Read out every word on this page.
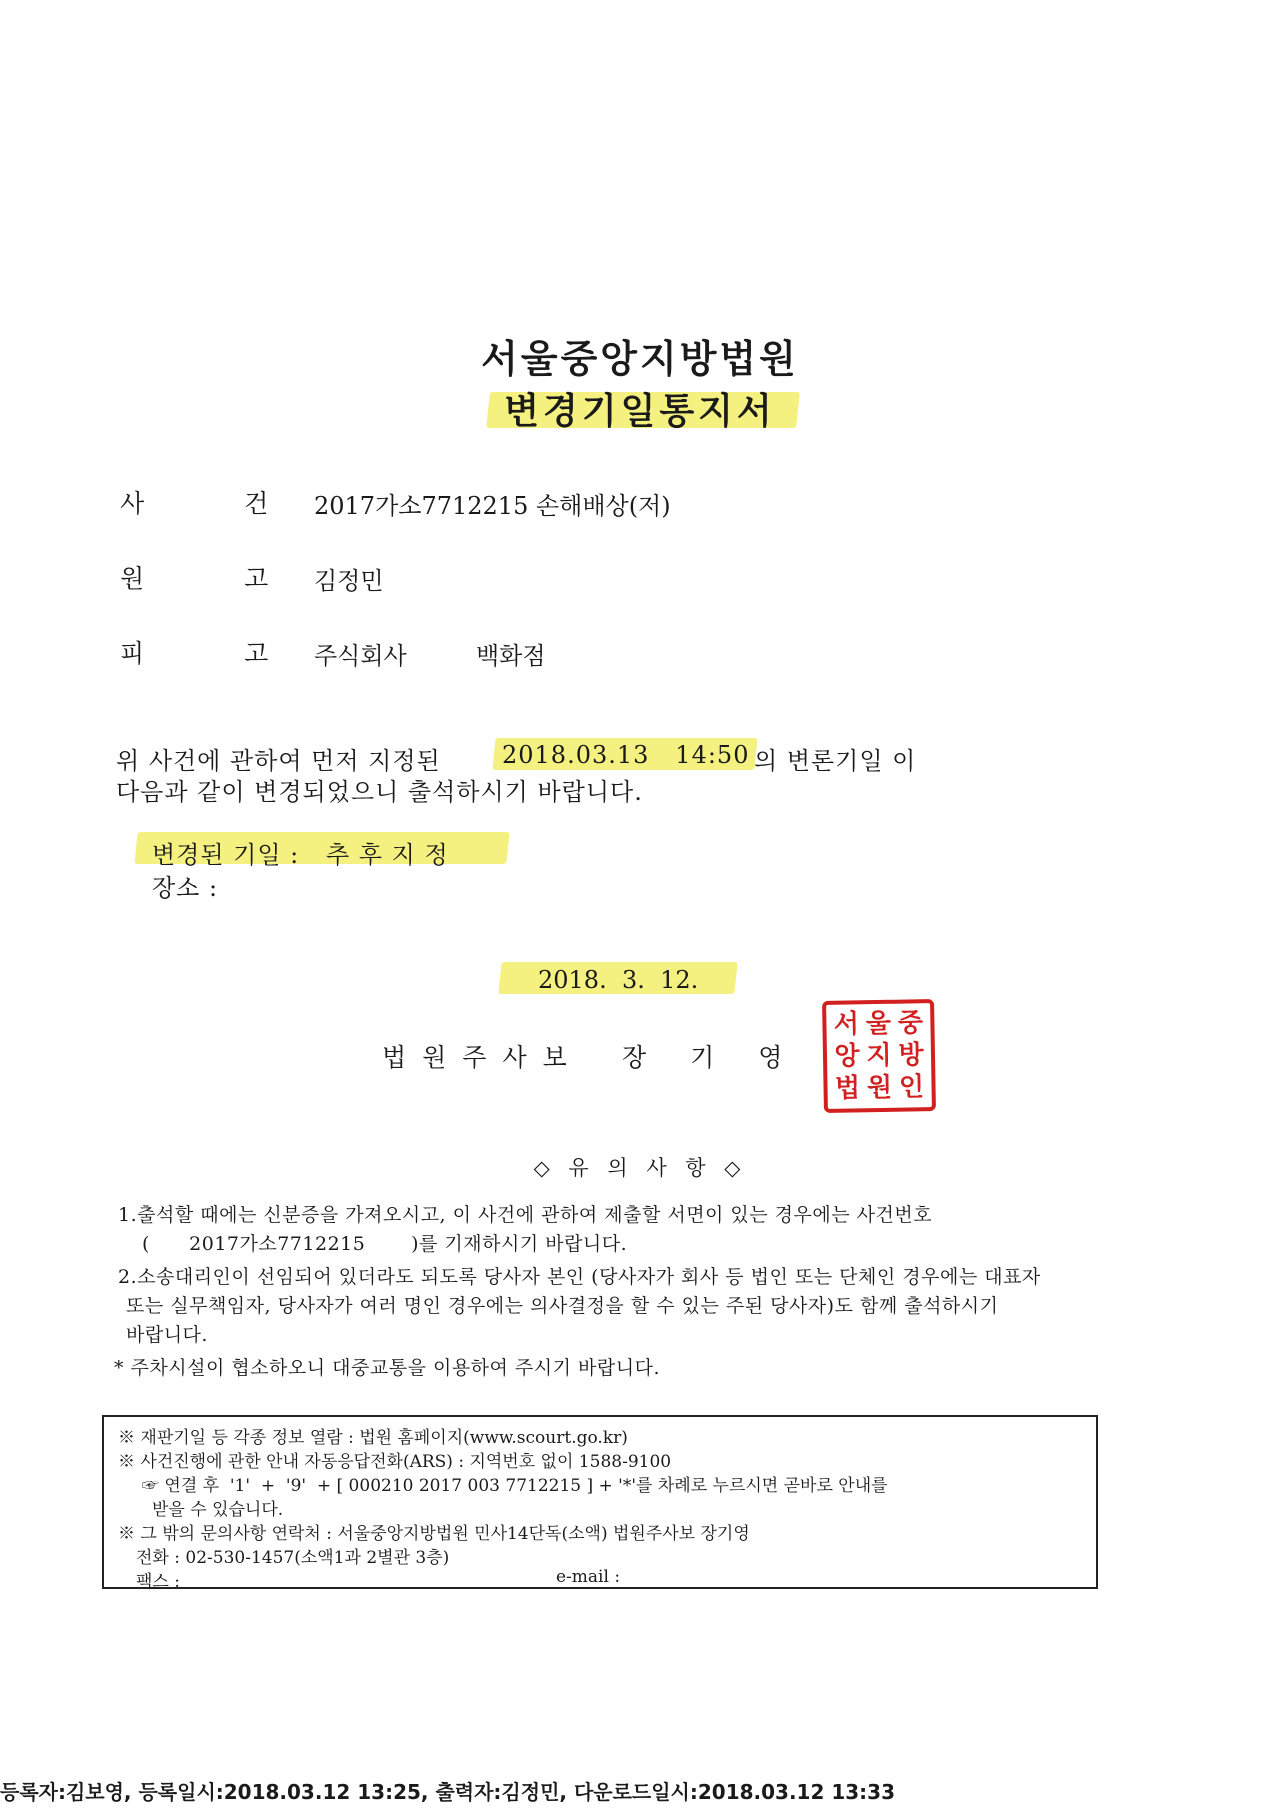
서울중앙지방법원
변경기일통지서
사 건 2017가소7712215 손해배상(저)
원 고 김정민
피 고 주식회사	백화점
위 사건에 관하여 먼저 지정된	2018.03.13   14:50 의 변론기일 이
다음과 같이 변경되었으니 출석하시기 바랍니다.
변경된 기일 : 추 후 지 정
장소 :
2018.  3.  12.
법원주사보 장기영
서 울 중
앙 지 방
법 원 인
◇ 유 의 사 항 ◇
1.출석할 때에는 신분증을 가져오시고, 이 사건에 관하여 제출할 서면이 있는 경우에는 사건번호
(      2017가소7712215       )를 기재하시기 바랍니다.
2.소송대리인이 선임되어 있더라도 되도록 당사자 본인 (당사자가 회사 등 법인 또는 단체인 경우에는 대표자
또는 실무책임자, 당사자가 여러 명인 경우에는 의사결정을 할 수 있는 주된 당사자)도 함께 출석하시기
바랍니다.
* 주차시설이 협소하오니 대중교통을 이용하여 주시기 바랍니다.
※ 재판기일 등 각종 정보 열람 : 법원 홈페이지(www.scourt.go.kr)
※ 사건진행에 관한 안내 자동응답전화(ARS) : 지역번호 없이 1588-9100
☞ 연결 후  '1'  +  '9'  + [ 000210 2017 003 7712215 ] + '*'를 차례로 누르시면 곧바로 안내를
받을 수 있습니다.
※ 그 밖의 문의사항 연락처 : 서울중앙지방법원 민사14단독(소액) 법원주사보 장기영
전화 : 02-530-1457(소액1과 2별관 3층)
팩스 :	e-mail :
등록자:김보영, 등록일시:2018.03.12 13:25, 출력자:김정민, 다운로드일시:2018.03.12 13:33
